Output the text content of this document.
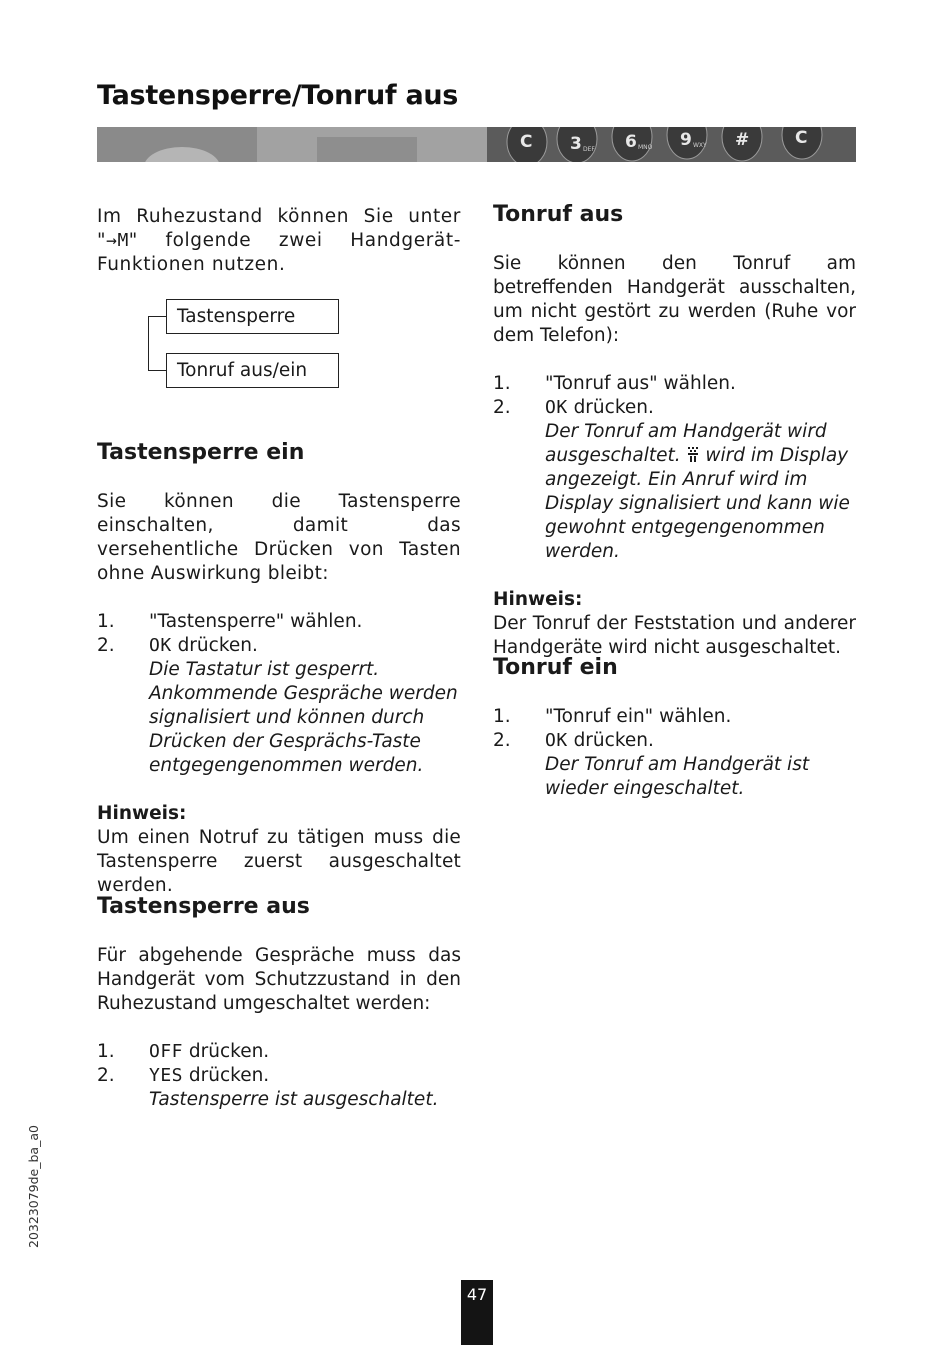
Tastensperre/Tonruf aus
C 3	6	9	#	C
DEF	MNO	WXY

Im Ruhezustand können Sie unter "→M" folgende zwei Handgerät-Funktionen nutzen.

Tastensperre
Tonruf aus/ein
Tastensperre ein

Sie können die Tastensperre einschalten, damit das versehentliche Drücken von Tasten ohne Auswirkung bleibt:

1.	"Tastensperre" wählen.
2.	OK drücken.

Die Tastatur ist gesperrt. Ankommende Gespräche werden signalisiert und können durch Drücken der Gesprächs-Taste entgegengenommen werden.

Hinweis:

Um einen Notruf zu tätigen muss die Tastensperre zuerst ausgeschaltet werden.

Tastensperre aus

Für abgehende Gespräche muss das Handgerät vom Schutzzustand in den Ruhezustand umgeschaltet werden:

1.	OFF drücken.
2.	YES drücken.

Tastensperre ist ausgeschaltet.

Tonruf aus

Sie können den Tonruf am betreffenden Handgerät ausschalten, um nicht gestört zu werden (Ruhe vor dem Telefon):

1.	"Tonruf aus" wählen.
2.	OK drücken.

Der Tonruf am Handgerät wird ausgeschaltet.  wird im Display angezeigt. Ein Anruf wird im Display signalisiert und kann wie gewohnt entgegengenommen werden.

Hinweis:

Der Tonruf der Feststation und anderer Handgeräte wird nicht ausgeschaltet.

Tonruf ein
1.	"Tonruf ein" wählen.
2.	OK drücken.

Der Tonruf am Handgerät ist wieder eingeschaltet.

20323079de_ba_a0
47
